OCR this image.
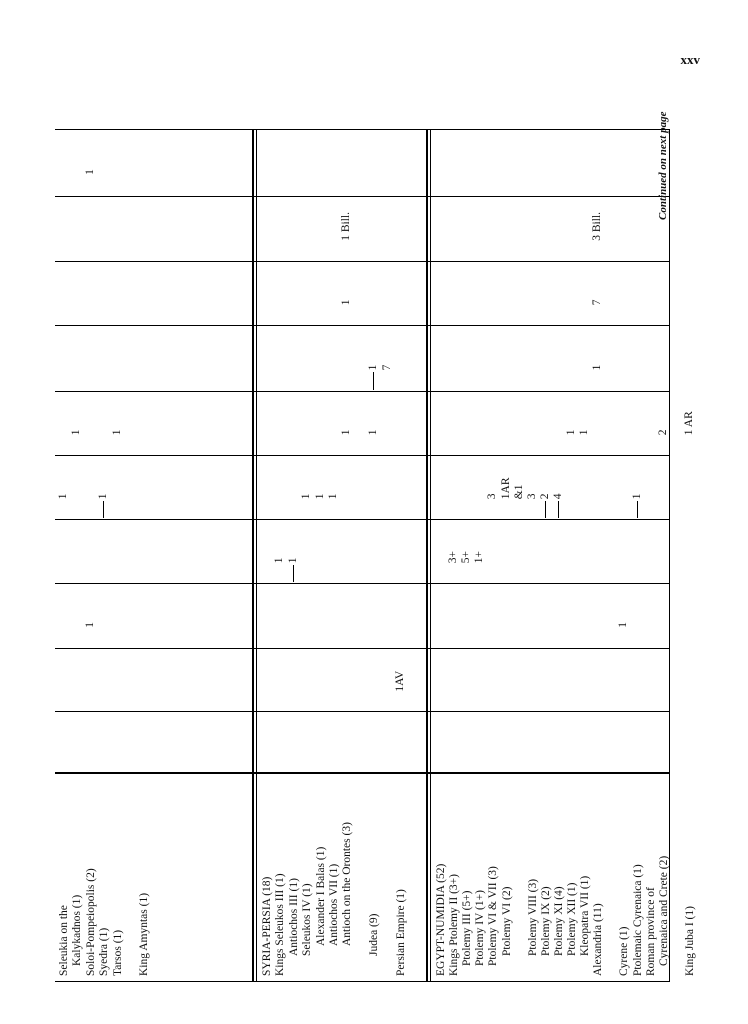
xxv
Seleukia on the Kalykadnos (1) Soloi-Pompeiopolis (2) Syedra (1) Tarsos (1) King Amyntas (1)	SYRIA-PERSIA (18) Kings Seleukos III (1) Antiochos III (1) Seleukos IV (1) Alexander I Balas (1) Antiochos VII (1) Antioch on the Orontes (3) Judea (9) Persian Empire (1) EGYPT-NUMIDIA (52) Kings Ptolemy II (3+) Ptolemy III (5+) Ptolemy IV (1+) Ptolemy VI & VII (3) Ptolemy VI (2) Ptolemy VIII (3) Ptolemy IX (2) Ptolemy XI (4) Ptolemy XII (1) Kleopatra VII (1) Alexandria (11) Cyrene (1) Ptolemaic Cyrenaica (1) Roman province of Cyrenaica and Crete (2) King Juba I (1)
1
1
1
1
1
1
1 1
1 1 1
1
1
1 Bill.
1
1 7
1AV
3+ 5+ 1+
3 1AR &1 3 2 4
1 1
1
7
3 Bill.
1
1
2 1 AR
Continued on next page
